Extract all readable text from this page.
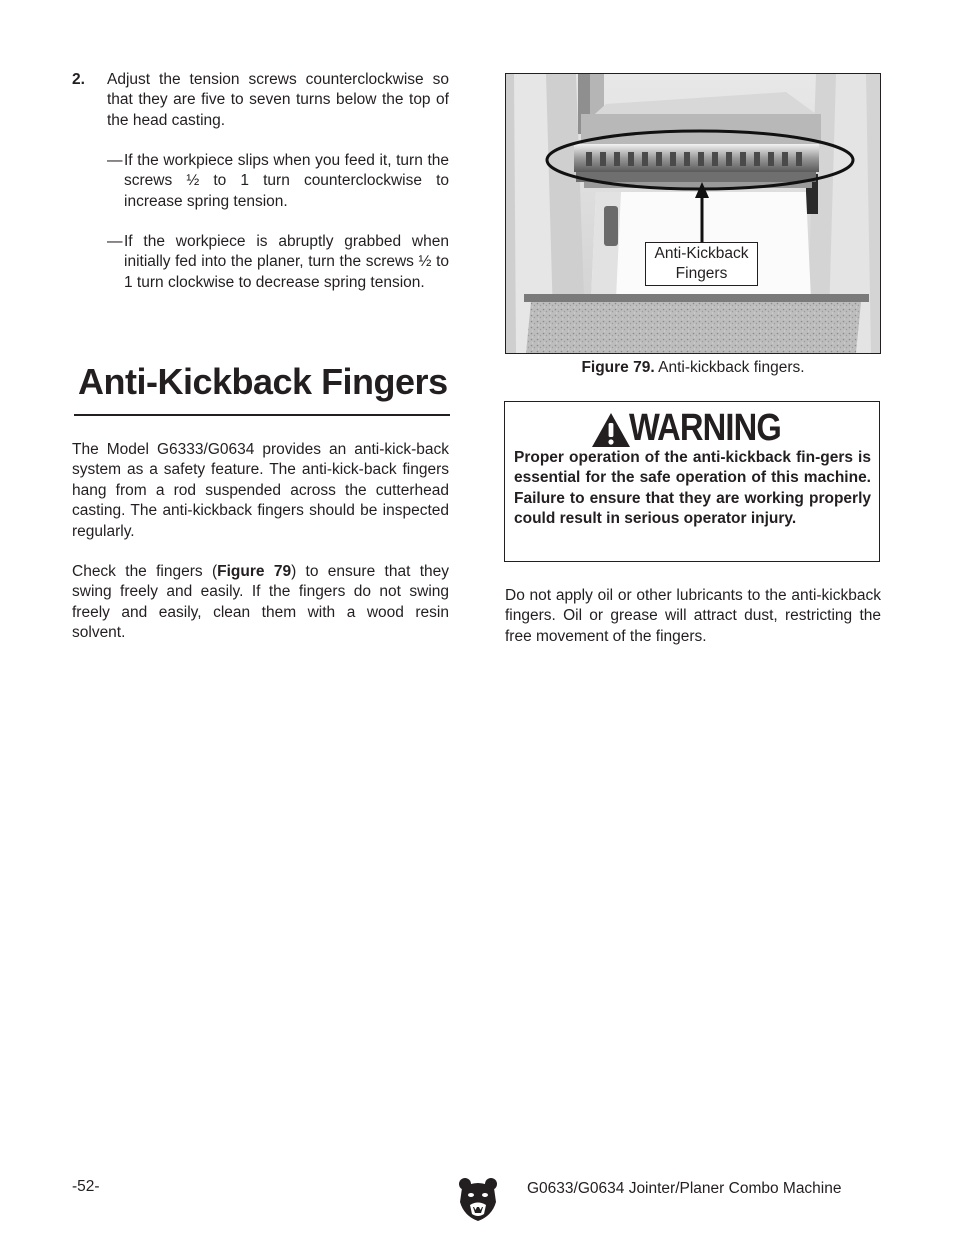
2. Adjust the tension screws counterclockwise so that they are five to seven turns below the top of the head casting.

— If the workpiece slips when you feed it, turn the screws ½ to 1 turn counterclockwise to increase spring tension.

— If the workpiece is abruptly grabbed when initially fed into the planer, turn the screws ½ to 1 turn clockwise to decrease spring tension.

Anti-Kickback Fingers

The Model G6333/G0634 provides an anti-kick-back system as a safety feature. The anti-kick-back fingers hang from a rod suspended across the cutterhead casting. The anti-kickback fingers should be inspected regularly.

Check the fingers (Figure 79) to ensure that they swing freely and easily. If the fingers do not swing freely and easily, clean them with a wood resin solvent.

Anti-Kickback
Fingers
Figure 79. Anti-kickback fingers.
WARNING

Proper operation of the anti-kickback fin-gers is essential for the safe operation of this machine. Failure to ensure that they are working properly could result in serious operator injury.

Do not apply oil or other lubricants to the anti-kickback fingers. Oil or grease will attract dust, restricting the free movement of the fingers.

-52-	G0633/G0634 Jointer/Planer Combo Machine
